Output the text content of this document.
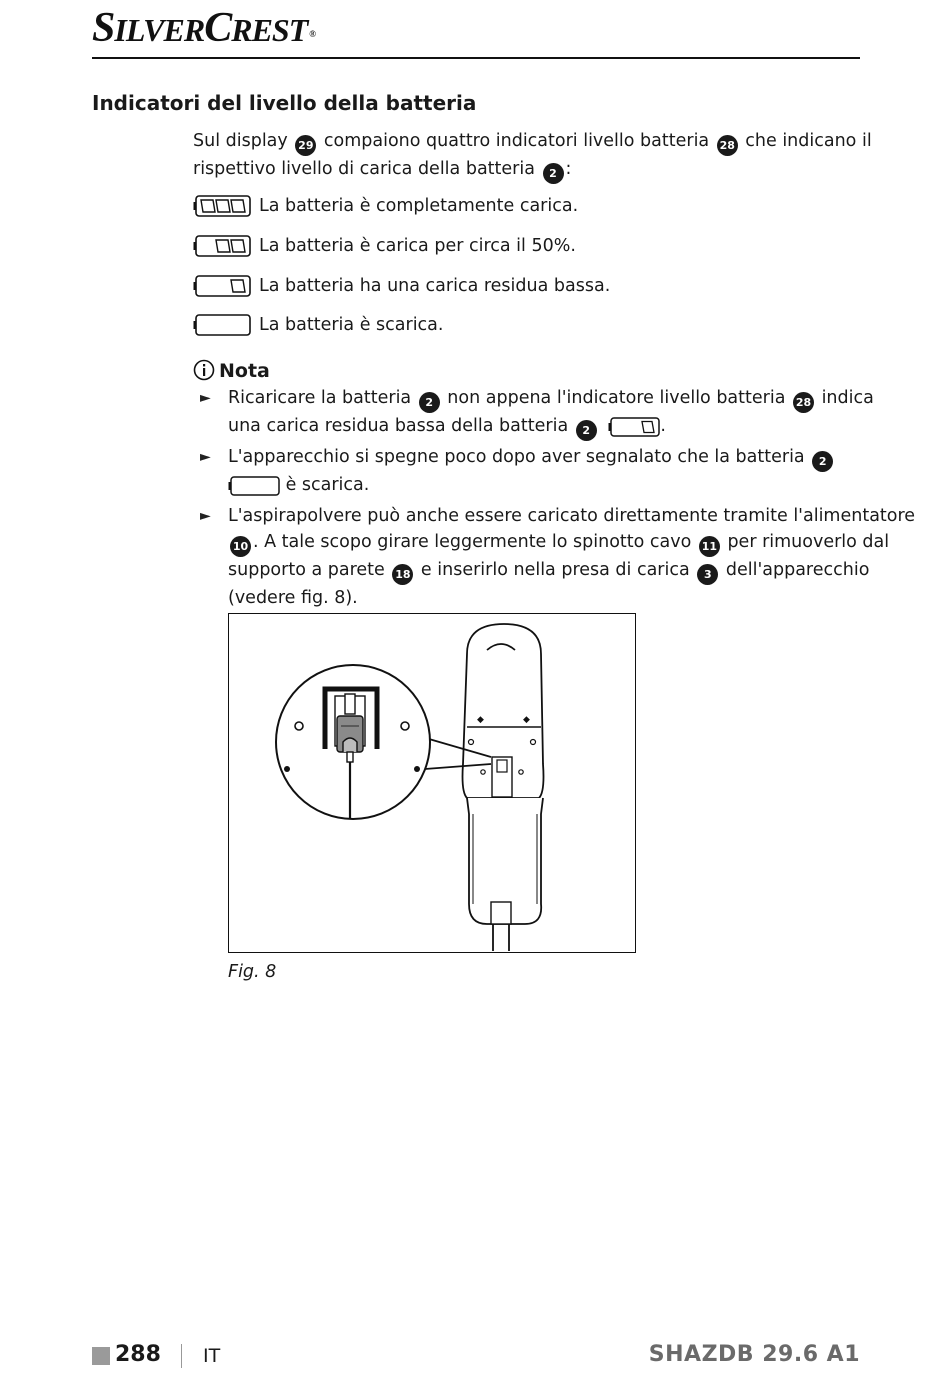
SILVERCREST ®
Indicatori del livello della batteria
Sul display 29 compaiono quattro indicatori livello batteria 28 che indicano il
rispettivo livello di carica della batteria 2 :
La batteria è completamente carica.
La batteria è carica per circa il 50%.
La batteria ha una carica residua bassa.
La batteria è scarica.
Nota
► Ricaricare la batteria 2 non appena l'indicatore livello batteria 28 indica
una carica residua bassa della batteria 2	.
► L'apparecchio si spegne poco dopo aver segnalato che la batteria 2
è scarica.
► L'aspirapolvere può anche essere caricato direttamente tramite l'alimentatore
10 . A tale scopo girare leggermente lo spinotto cavo 11 per rimuoverlo dal
supporto a parete 18 e inserirlo nella presa di carica 3 dell'apparecchio
(vedere fig. 8).
◆	◆
Fig. 8
288 IT	SHAZDB 29.6 A1
